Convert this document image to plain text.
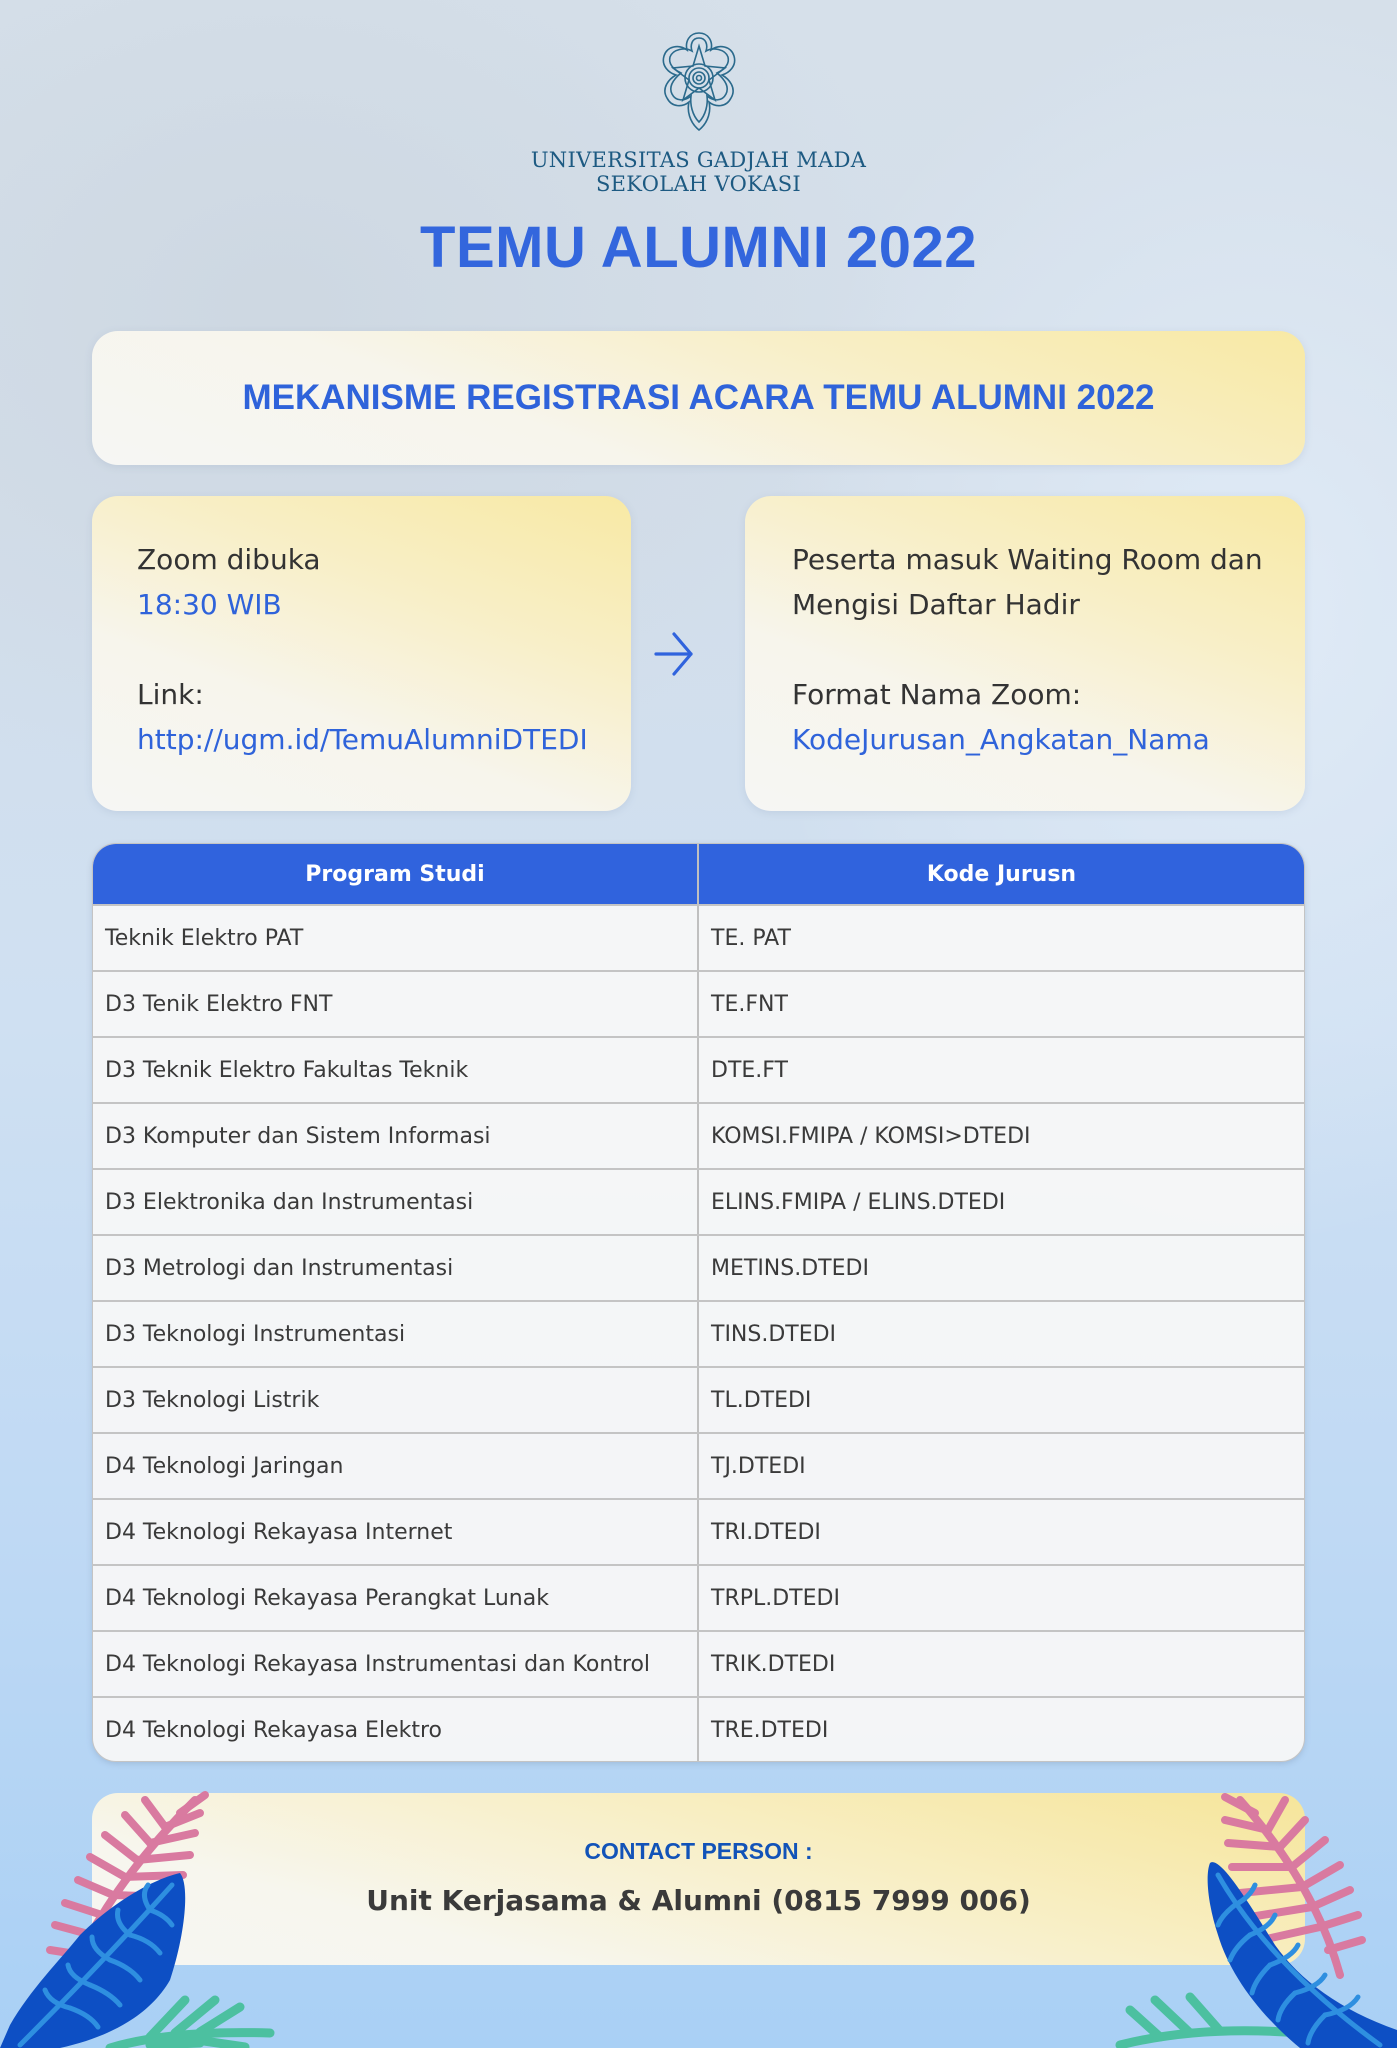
UNIVERSITAS GADJAH MADA
SEKOLAH VOKASI
TEMU ALUMNI 2022
MEKANISME REGISTRASI ACARA TEMU ALUMNI 2022
Zoom dibuka
18:30 WIB
Link:
http://ugm.id/TemuAlumniDTEDI
Peserta masuk Waiting Room dan
Mengisi Daftar Hadir
Format Nama Zoom:
KodeJurusan_Angkatan_Nama
Program Studi	Kode Jurusn
Teknik Elektro PAT	TE. PAT
D3 Tenik Elektro FNT	TE.FNT
D3 Teknik Elektro Fakultas Teknik	DTE.FT
D3 Komputer dan Sistem Informasi	KOMSI.FMIPA / KOMSI>DTEDI
D3 Elektronika dan Instrumentasi	ELINS.FMIPA / ELINS.DTEDI
D3 Metrologi dan Instrumentasi	METINS.DTEDI
D3 Teknologi Instrumentasi	TINS.DTEDI
D3 Teknologi Listrik	TL.DTEDI
D4 Teknologi Jaringan	TJ.DTEDI
D4 Teknologi Rekayasa Internet	TRI.DTEDI
D4 Teknologi Rekayasa Perangkat Lunak	TRPL.DTEDI
D4 Teknologi Rekayasa Instrumentasi dan Kontrol	TRIK.DTEDI
D4 Teknologi Rekayasa Elektro	TRE.DTEDI
CONTACT PERSON :
Unit Kerjasama & Alumni (0815 7999 006)
